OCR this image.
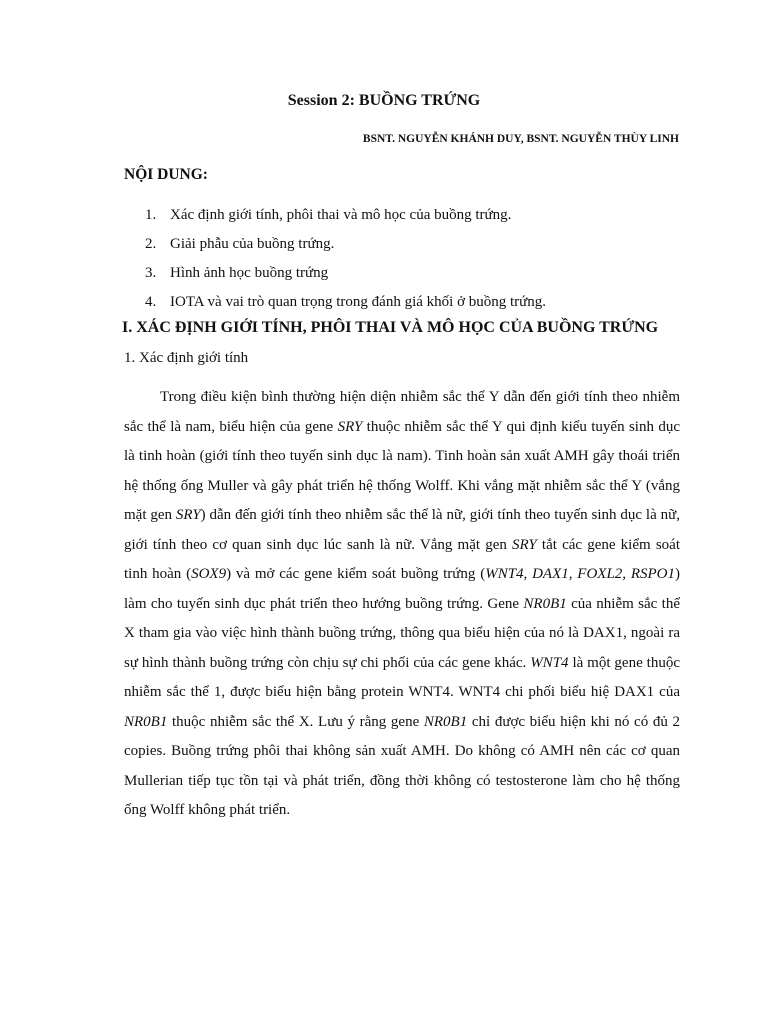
Session 2: BUỒNG TRỨNG
BSNT. NGUYỄN KHÁNH DUY, BSNT. NGUYỄN THÙY LINH
NỘI DUNG:
1. Xác định giới tính, phôi thai và mô học của buồng trứng.
2. Giải phẫu của buồng trứng.
3. Hình ảnh học buồng trứng
4. IOTA và vai trò quan trọng trong đánh giá khối ở buồng trứng.
I. XÁC ĐỊNH GIỚI TÍNH, PHÔI THAI VÀ MÔ HỌC CỦA BUỒNG TRỨNG
1. Xác định giới tính

Trong điều kiện bình thường hiện diện nhiễm sắc thể Y dẫn đến giới tính theo nhiễm sắc thể là nam, biểu hiện của gene SRY thuộc nhiễm sắc thể Y qui định kiểu tuyến sinh dục là tinh hoàn (giới tính theo tuyến sinh dục là nam). Tinh hoàn sản xuất AMH gây thoái triển hệ thống ống Muller và gây phát triển hệ thống Wolff. Khi vắng mặt nhiễm sắc thể Y (vắng mặt gen SRY) dẫn đến giới tính theo nhiễm sắc thể là nữ, giới tính theo tuyến sinh dục là nữ, giới tính theo cơ quan sinh dục lúc sanh là nữ. Vắng mặt gen SRY tắt các gene kiểm soát tinh hoàn (SOX9) và mở các gene kiểm soát buồng trứng (WNT4, DAX1, FOXL2, RSPO1) làm cho tuyến sinh dục phát triển theo hướng buồng trứng. Gene NR0B1 của nhiễm sắc thể X tham gia vào việc hình thành buồng trứng, thông qua biểu hiện của nó là DAX1, ngoài ra sự hình thành buồng trứng còn chịu sự chi phối của các gene khác. WNT4 là một gene thuộc nhiễm sắc thể 1, được biểu hiện bằng protein WNT4. WNT4 chi phối biểu hiệ DAX1 của NR0B1 thuộc nhiễm sắc thể X. Lưu ý rằng gene NR0B1 chỉ được biểu hiện khi nó có đủ 2 copies. Buồng trứng phôi thai không sản xuất AMH. Do không có AMH nên các cơ quan Mullerian tiếp tục tồn tại và phát triển, đồng thời không có testosterone làm cho hệ thống ống Wolff không phát triển.
